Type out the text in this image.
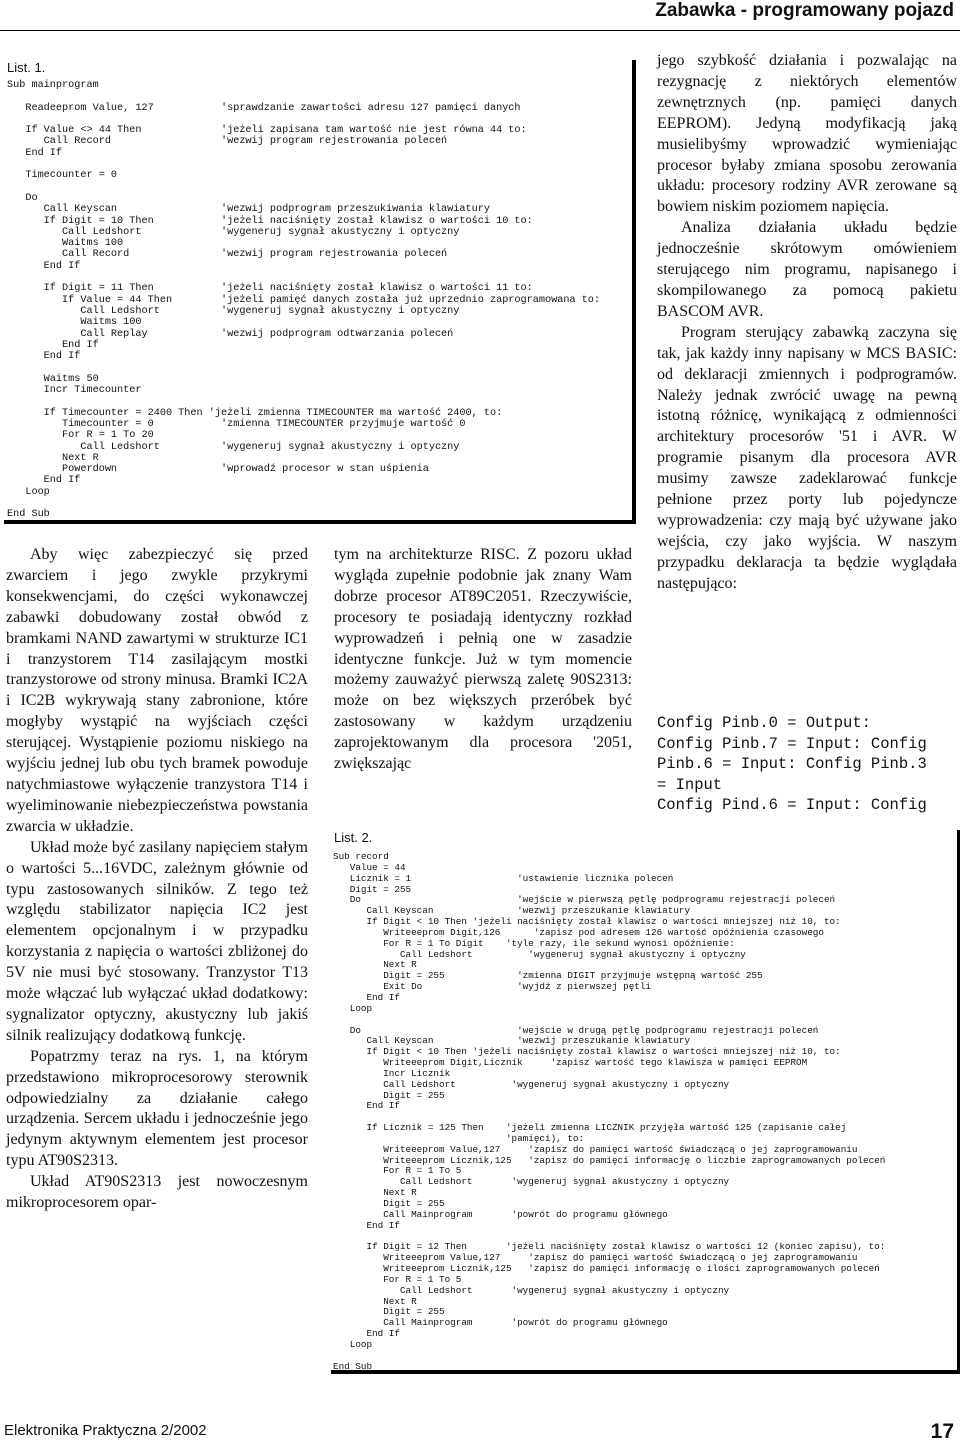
Zabawka - programowany pojazd
List. 1.
Sub mainprogram

Readeeprom Value, 127           'sprawdzanie zawartości adresu 127 pamięci danych

If Value <> 44 Then             'jeżeli zapisana tam wartość nie jest równa 44 to:
Call Record                  'wezwij program rejestrowania poleceń
End If

Timecounter = 0

Do
Call Keyscan                 'wezwij podprogram przeszukiwania klawiatury
If Digit = 10 Then           'jeżeli naciśnięty został klawisz o wartości 10 to:
Call Ledshort             'wygeneruj sygnał akustyczny i optyczny
Waitms 100
Call Record               'wezwij program rejestrowania poleceń
End If

If Digit = 11 Then           'jeżeli naciśnięty został klawisz o wartości 11 to:
If Value = 44 Then        'jeżeli pamięć danych została już uprzednio zaprogramowana to:
Call Ledshort          'wygeneruj sygnał akustyczny i optyczny
Waitms 100
Call Replay            'wezwij podprogram odtwarzania poleceń
End If
End If

Waitms 50
Incr Timecounter

If Timecounter = 2400 Then 'jeżeli zmienna TIMECOUNTER ma wartość 2400, to:
Timecounter = 0           'zmienna TIMECOUNTER przyjmuje wartość 0
For R = 1 To 20
Call Ledshort          'wygeneruj sygnał akustyczny i optyczny
Next R
Powerdown                 'wprowadź procesor w stan uśpienia
End If
Loop

End Sub

Aby więc zabezpieczyć się przed zwarciem i jego zwykle przykrymi konsekwencjami, do części wykonawczej zabawki dobudowany został obwód z bramkami NAND zawartymi w strukturze IC1 i tranzystorem T14 zasilającym mostki tranzystorowe od strony minusa. Bramki IC2A i IC2B wykrywają stany zabronione, które mogłyby wystąpić na wyjściach części sterującej. Wystąpienie poziomu niskiego na wyjściu jednej lub obu tych bramek powoduje natychmiastowe wyłączenie tranzystora T14 i wyeliminowanie niebezpieczeństwa powstania zwarcia w układzie.

Układ może być zasilany napięciem stałym o wartości 5...16VDC, zależnym głównie od typu zastosowanych silników. Z tego też względu stabilizator napięcia IC2 jest elementem opcjonalnym i w przypadku korzystania z napięcia o wartości zbliżonej do 5V nie musi być stosowany. Tranzystor T13 może włączać lub wyłączać układ dodatkowy: sygnalizator optyczny, akustyczny lub jakiś silnik realizujący dodatkową funkcję.

Popatrzmy teraz na rys. 1, na którym przedstawiono mikroprocesorowy sterownik odpowiedzialny za działanie całego urządzenia. Sercem układu i jednocześnie jego jedynym aktywnym elementem jest procesor typu AT90S2313.

Układ AT90S2313 jest nowoczesnym mikroprocesorem opar-

tym na architekturze RISC. Z pozoru układ wygląda zupełnie podobnie jak znany Wam dobrze procesor AT89C2051. Rzeczywiście, procesory te posiadają identyczny rozkład wyprowadzeń i pełnią one w zasadzie identyczne funkcje. Już w tym momencie możemy zauważyć pierwszą zaletę 90S2313: może on bez większych przeróbek być zastosowany w każdym urządzeniu zaprojektowanym dla procesora '2051, zwiększając

jego szybkość działania i pozwalając na rezygnację z niektórych elementów zewnętrznych (np. pamięci danych EEPROM). Jedyną modyfikacją jaką musielibyśmy wprowadzić wymieniając procesor byłaby zmiana sposobu zerowania układu: procesory rodziny AVR zerowane są bowiem niskim poziomem napięcia.

Analiza działania układu będzie jednocześnie skrótowym omówieniem sterującego nim programu, napisanego i skompilowanego za pomocą pakietu BASCOM AVR.

Program sterujący zabawką zaczyna się tak, jak każdy inny napisany w MCS BASIC: od deklaracji zmiennych i podprogramów. Należy jednak zwrócić uwagę na pewną istotną różnicę, wynikającą z odmienności architektury procesorów '51 i AVR. W programie pisanym dla procesora AVR musimy zawsze zadeklarować funkcje pełnione przez porty lub pojedyncze wyprowadzenia: czy mają być używane jako wejścia, czy jako wyjścia. W naszym przypadku deklaracja ta będzie wyglądała następująco:

Config Pinb.0 = Output:
Config Pinb.7 = Input: Config
Pinb.6 = Input: Config Pinb.3
= Input
Config Pind.6 = Input: Config
List. 2.
Sub record
Value = 44
Licznik = 1                   'ustawienie licznika poleceń
Digit = 255
Do                            'wejście w pierwszą pętlę podprogramu rejestracji poleceń
Call Keyscan               'wezwij przeszukanie klawiatury
If Digit < 10 Then 'jeżeli naciśnięty został klawisz o wartości mniejszej niż 10, to:
Writeeeprom Digit,126      'zapisz pod adresem 126 wartość opóźnienia czasowego
For R = 1 To Digit    'tyle razy, ile sekund wynosi opóźnienie:
Call Ledshort          'wygeneruj sygnał akustyczny i optyczny
Next R
Digit = 255             'zmienna DIGIT przyjmuje wstępną wartość 255
Exit Do                 'wyjdź z pierwszej pętli
End If
Loop

Do                            'wejście w drugą pętlę podprogramu rejestracji poleceń
Call Keyscan               'wezwij przeszukanie klawiatury
If Digit < 10 Then 'jeżeli naciśnięty został klawisz o wartości mniejszej niż 10, to:
Writeeeprom Digit,Licznik     'zapisz wartość tego klawisza w pamięci EEPROM
Incr Licznik
Call Ledshort          'wygeneruj sygnał akustyczny i optyczny
Digit = 255
End If

If Licznik = 125 Then    'jeżeli zmienna LICZNIK przyjęła wartość 125 (zapisanie całej
'pamięci), to:
Writeeeprom Value,127     'zapisz do pamięci wartość świadczącą o jej zaprogramowaniu
Writeeeprom Licznik,125   'zapisz do pamięci informację o liczbie zaprogramowanych poleceń
For R = 1 To 5
Call Ledshort       'wygeneruj sygnał akustyczny i optyczny
Next R
Digit = 255
Call Mainprogram       'powrót do programu głównego
End If

If Digit = 12 Then       'jeżeli naciśnięty został klawisz o wartości 12 (koniec zapisu), to:
Writeeeprom Value,127     'zapisz do pamięci wartość świadczącą o jej zaprogramowaniu
Writeeeprom Licznik,125   'zapisz do pamięci informację o ilości zaprogramowanych poleceń
For R = 1 To 5
Call Ledshort       'wygeneruj sygnał akustyczny i optyczny
Next R
Digit = 255
Call Mainprogram       'powrót do programu głównego
End If
Loop

End Sub
Elektronika Praktyczna 2/2002	17
